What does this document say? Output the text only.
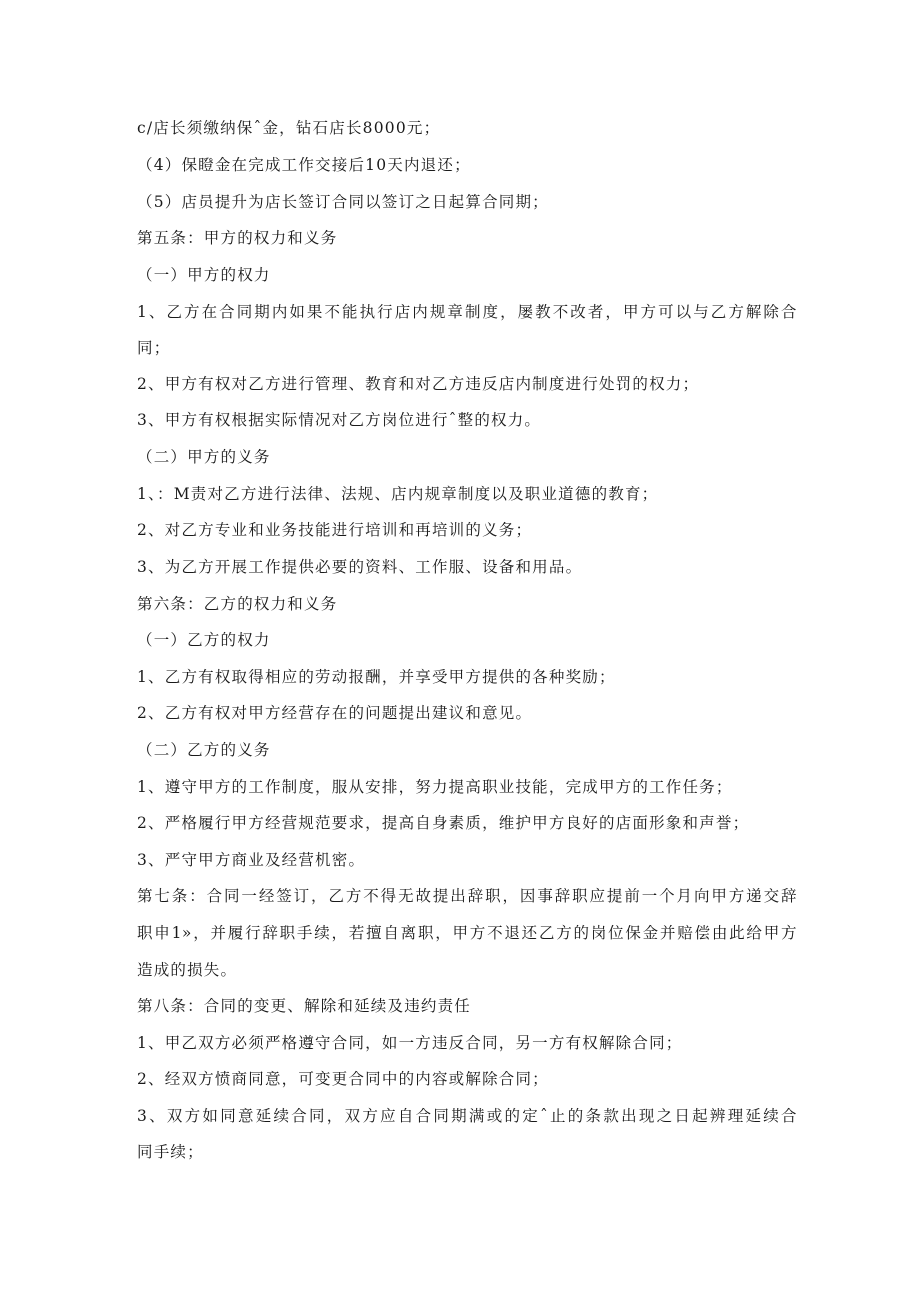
c/店长须缴纳保ˆ金，钻石店长8000元；
（4）保瞪金在完成工作交接后10天内退还；
（5）店员提升为店长签订合同以签订之日起算合同期；
第五条：甲方的权力和义务
（一）甲方的权力
1、乙方在合同期内如果不能执行店内规章制度，屡教不改者，甲方可以与乙方解除合
同；
2、甲方有权对乙方进行管理、教育和对乙方违反店内制度进行处罚的权力；
3、甲方有权根据实际情况对乙方岗位进行ˆ整的权力。
（二）甲方的义务
1、：M责对乙方进行法律、法规、店内规章制度以及职业道德的教育；
2、对乙方专业和业务技能进行培训和再培训的义务；
3、为乙方开展工作提供必要的资料、工作服、设备和用品。
第六条：乙方的权力和义务
（一）乙方的权力
1、乙方有权取得相应的劳动报酬，并享受甲方提供的各种奖励；
2、乙方有权对甲方经营存在的问题提出建议和意见。
（二）乙方的义务
1、遵守甲方的工作制度，服从安排，努力提高职业技能，完成甲方的工作任务；
2、严格履行甲方经营规范要求，提高自身素质，维护甲方良好的店面形象和声誉；
3、严守甲方商业及经营机密。
第七条：合同一经签订，乙方不得无故提出辞职，因事辞职应提前一个月向甲方递交辞
职申1»，并履行辞职手续，若擅自离职，甲方不退还乙方的岗位保金并赔偿由此给甲方
造成的损失。
第八条：合同的变更、解除和延续及违约责任
1、甲乙双方必须严格遵守合同，如一方违反合同，另一方有权解除合同；
2、经双方愤商同意，可变更合同中的内容或解除合同；
3、双方如同意延续合同，双方应自合同期满或的定ˆ止的条款出现之日起辨理延续合
同手续；
